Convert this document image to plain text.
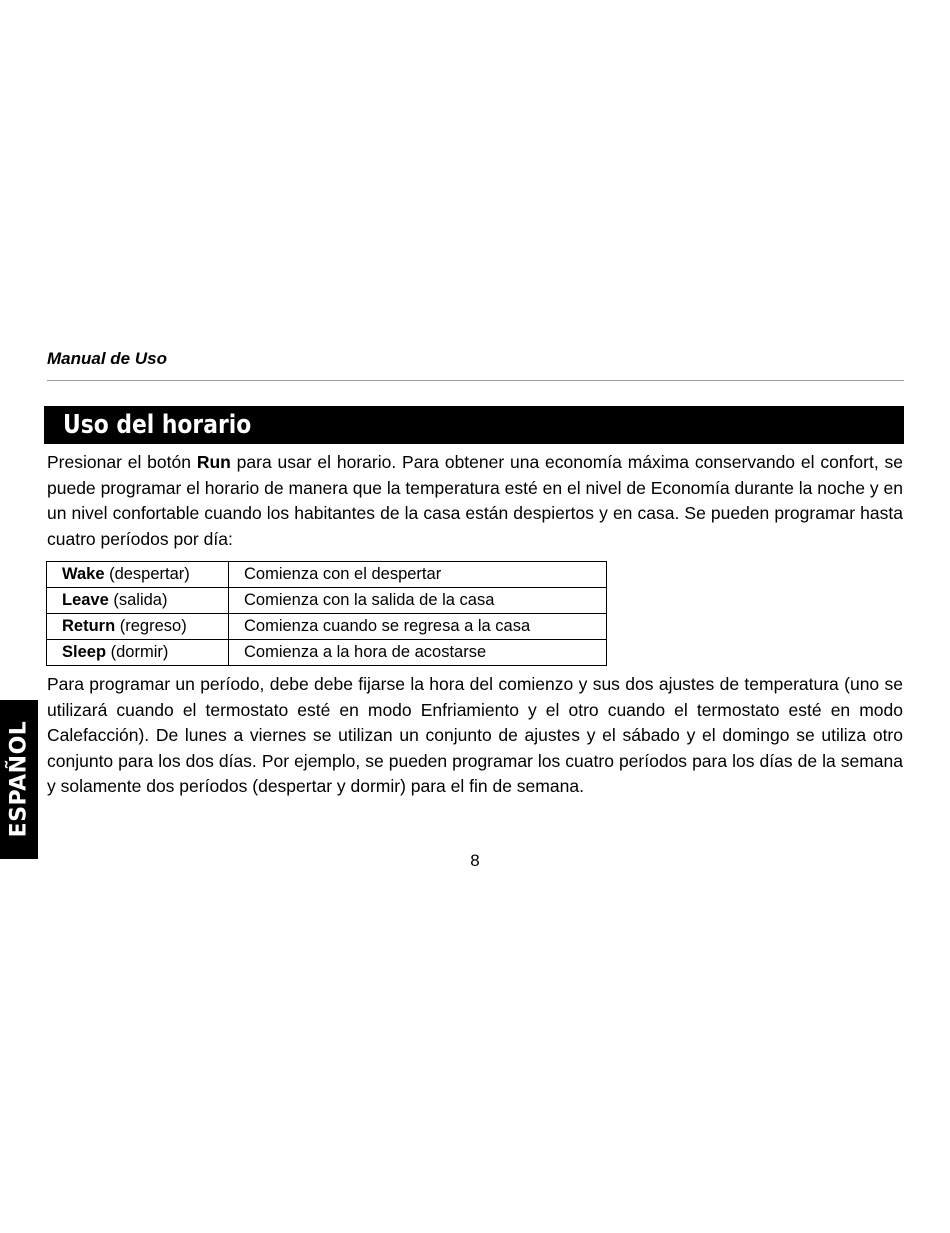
Manual de Uso
Uso del horario

Presionar el botón Run para usar el horario. Para obtener una economía máxima conservando el confort, se puede programar el horario de manera que la temperatura esté en el nivel de Economía durante la noche y en un nivel confortable cuando los habitantes de la casa están despiertos y en casa. Se pueden programar hasta cuatro períodos por día:

Wake (despertar)	Comienza con el despertar
Leave (salida)	Comienza con la salida de la casa
Return (regreso)	Comienza cuando se regresa a la casa
Sleep (dormir)	Comienza a la hora de acostarse

Para programar un período, debe debe fijarse la hora del comienzo y sus dos ajustes de temperatura (uno se utilizará cuando el termostato esté en modo Enfriamiento y el otro cuando el termostato esté en modo Calefacción). De lunes a viernes se utilizan un conjunto de ajustes y el sábado y el domingo se utiliza otro conjunto para los dos días. Por ejemplo, se pueden programar los cuatro períodos para los días de la semana y solamente dos períodos (despertar y dormir) para el fin de semana.

8
ESPAÑOL
